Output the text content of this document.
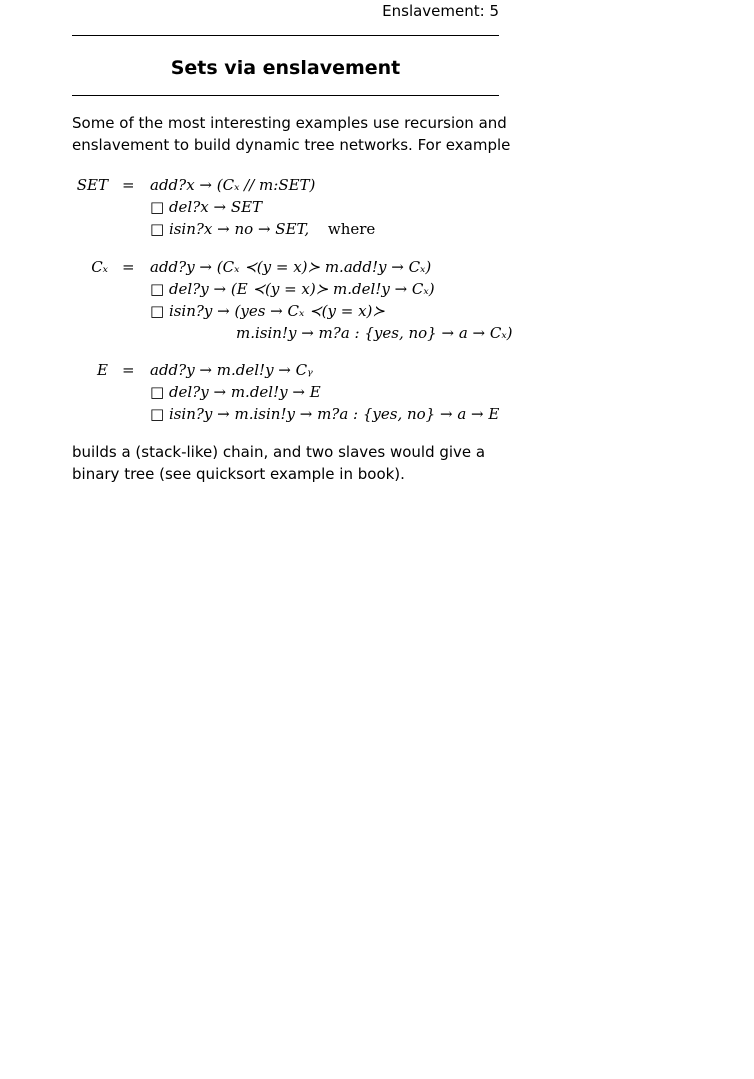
Enslavement: 5
Sets via enslavement
Some of the most interesting examples use recursion and enslavement to build dynamic tree networks. For example
SET = add?x → (Cₓ // m:SET)
□ del?x → SET
□ isin?x → no → SET, where
Cₓ = add?y → (Cₓ ≺(y = x)≻ m.add!y → Cₓ)
□ del?y → (E ≺(y = x)≻ m.del!y → Cₓ)
□ isin?y → (yes → Cₓ ≺(y = x)≻
m.isin!y → m?a : {yes, no} → a → Cₓ)
E = add?y → m.del!y → Cᵧ
□ del?y → m.del!y → E
□ isin?y → m.isin!y → m?a : {yes, no} → a → E
builds a (stack-like) chain, and two slaves would give a binary tree (see quicksort example in book).
